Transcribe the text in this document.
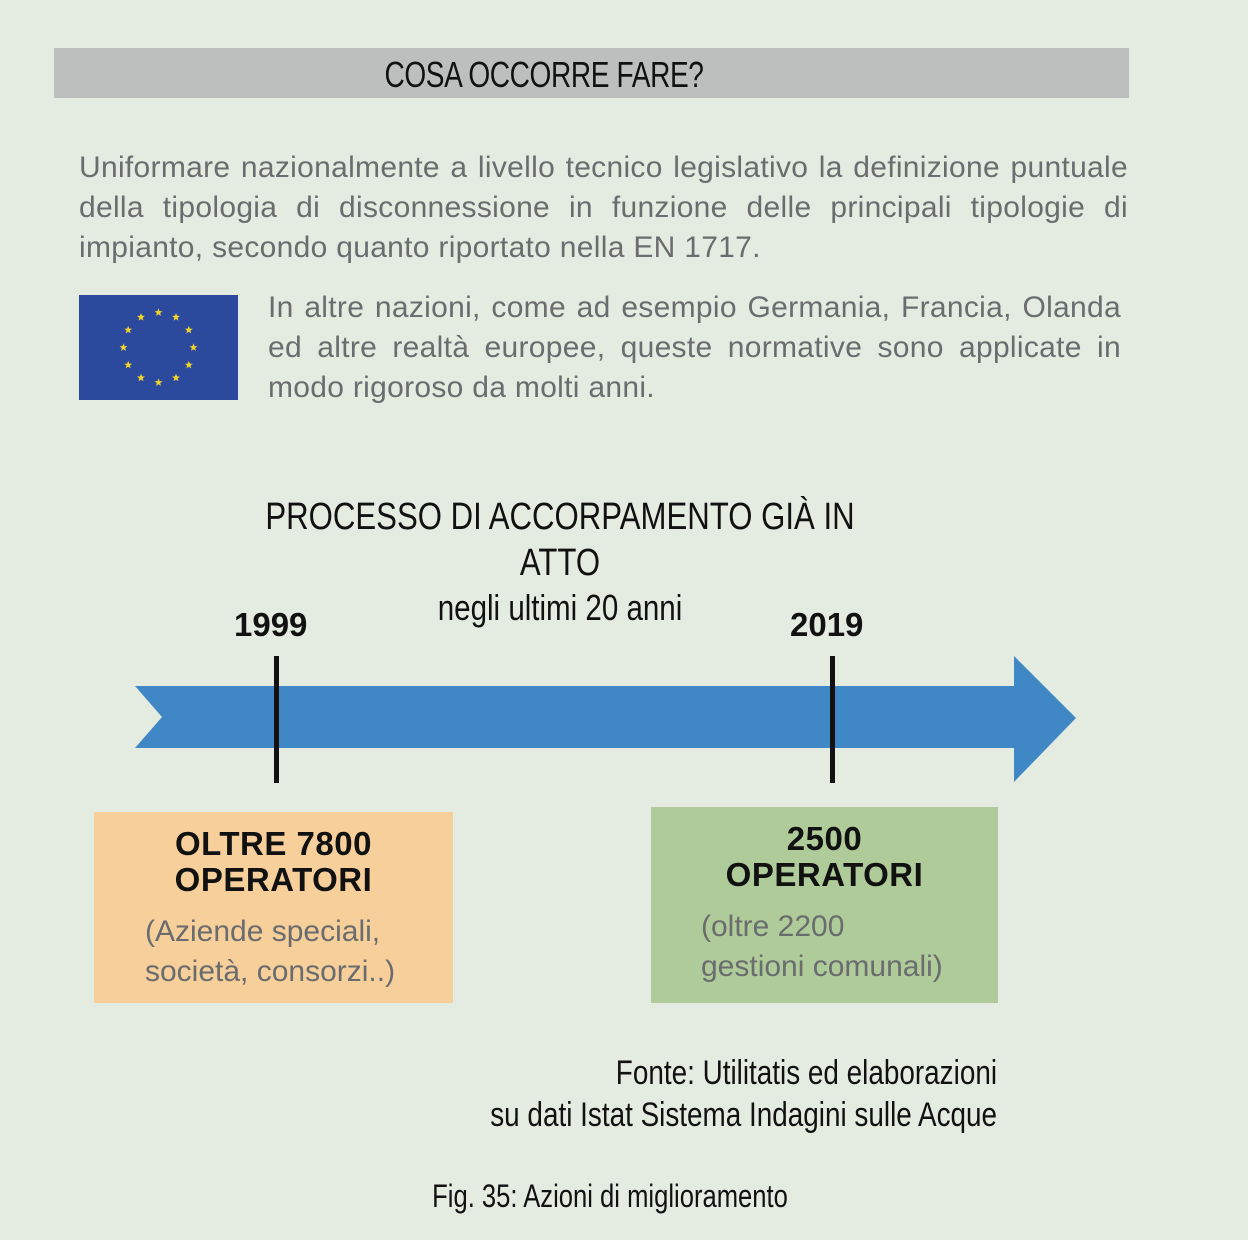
COSA OCCORRE FARE?
Uniformare nazionalmente a livello tecnico legislativo la definizione puntuale della tipologia di disconnessione in funzione delle principali tipologie di impianto, secondo quanto riportato nella EN 1717.
In altre nazioni, come ad esempio Germania, Francia, Olanda ed altre realtà europee, queste normative sono applicate in modo rigoroso da molti anni.
PROCESSO DI ACCORPAMENTO GIÀ IN ATTO
negli ultimi 20 anni
1999	2019
OLTRE 7800
OPERATORI
(Aziende speciali,
società, consorzi..)
2500
OPERATORI
(oltre 2200
gestioni comunali)
Fonte: Utilitatis ed elaborazioni
su dati Istat Sistema Indagini sulle Acque
Fig. 35: Azioni di miglioramento
